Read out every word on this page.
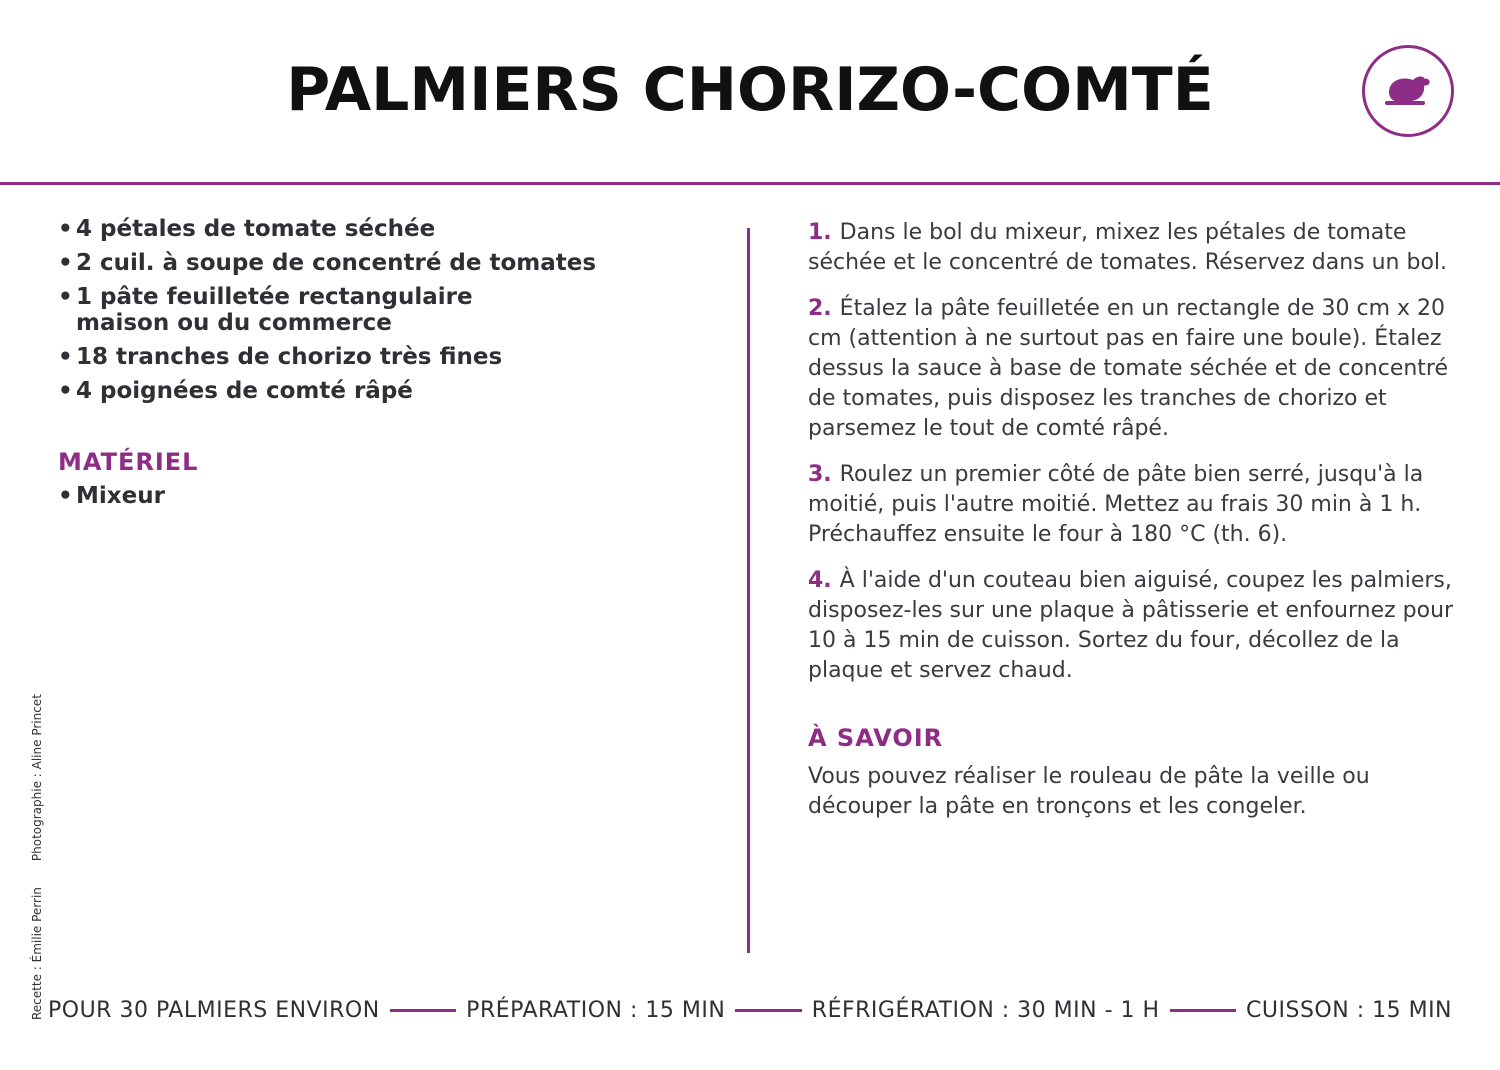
PALMIERS CHORIZO-COMTÉ
• 4 pétales de tomate séchée
• 2 cuil. à soupe de concentré de tomates
• 1 pâte feuilletée rectangulaire maison ou du commerce
• 18 tranches de chorizo très fines
• 4 poignées de comté râpé
MATÉRIEL
• Mixeur
1. Dans le bol du mixeur, mixez les pétales de tomate séchée et le concentré de tomates. Réservez dans un bol.
2. Étalez la pâte feuilletée en un rectangle de 30 cm x 20 cm (attention à ne surtout pas en faire une boule). Étalez dessus la sauce à base de tomate séchée et de concentré de tomates, puis disposez les tranches de chorizo et parsemez le tout de comté râpé.
3. Roulez un premier côté de pâte bien serré, jusqu'à la moitié, puis l'autre moitié. Mettez au frais 30 min à 1 h. Préchauffez ensuite le four à 180 °C (th. 6).
4. À l'aide d'un couteau bien aiguisé, coupez les palmiers, disposez-les sur une plaque à pâtisserie et enfournez pour 10 à 15 min de cuisson. Sortez du four, décollez de la plaque et servez chaud.
À SAVOIR
Vous pouvez réaliser le rouleau de pâte la veille ou découper la pâte en tronçons et les congeler.
Recette : Émilie PerrinPhotographie : Aline Princet
POUR 30 PALMIERS ENVIRON	PRÉPARATION : 15 MIN	RÉFRIGÉRATION : 30 MIN - 1 H	CUISSON : 15 MIN
